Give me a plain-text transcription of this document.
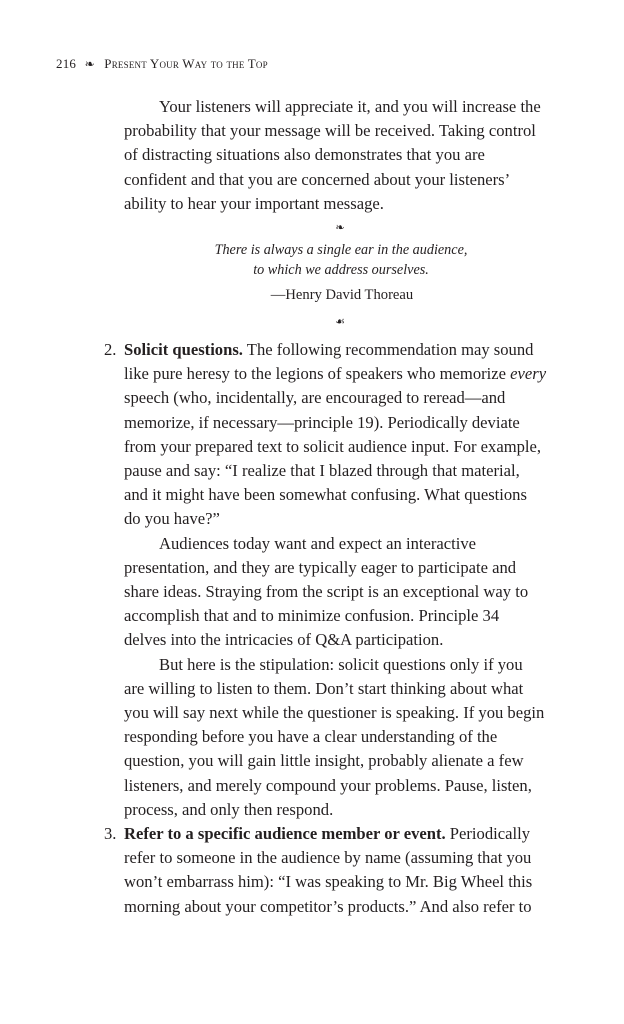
216 ❧ Present Your Way to the Top
Your listeners will appreciate it, and you will increase the
probability that your message will be received. Taking control
of distracting situations also demonstrates that you are
confident and that you are concerned about your listeners’
ability to hear your important message.
❧
There is always a single ear in the audience,
to which we address ourselves.
—Henry David Thoreau
☙
2. Solicit questions. The following recommendation may sound
like pure heresy to the legions of speakers who memorize every
speech (who, incidentally, are encouraged to reread—and
memorize, if necessary—principle 19). Periodically deviate
from your prepared text to solicit audience input. For example,
pause and say: “I realize that I blazed through that material,
and it might have been somewhat confusing. What questions
do you have?”
Audiences today want and expect an interactive
presentation, and they are typically eager to participate and
share ideas. Straying from the script is an exceptional way to
accomplish that and to minimize confusion. Principle 34
delves into the intricacies of Q&A participation.
But here is the stipulation: solicit questions only if you
are willing to listen to them. Don’t start thinking about what
you will say next while the questioner is speaking. If you begin
responding before you have a clear understanding of the
question, you will gain little insight, probably alienate a few
listeners, and merely compound your problems. Pause, listen,
process, and only then respond.
3. Refer to a specific audience member or event. Periodically
refer to someone in the audience by name (assuming that you
won’t embarrass him): “I was speaking to Mr. Big Wheel this
morning about your competitor’s products.” And also refer to
